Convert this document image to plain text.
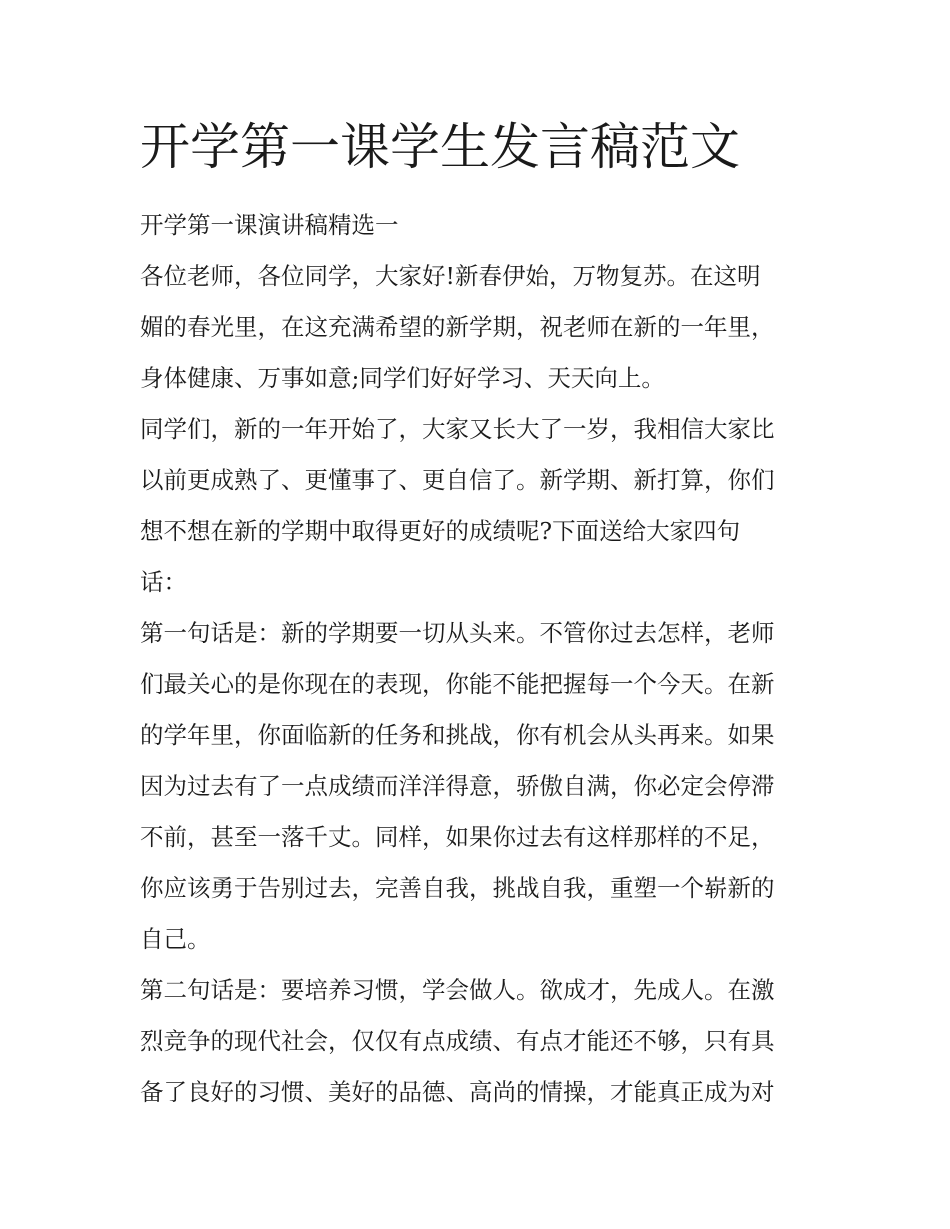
开学第一课学生发言稿范文

开学第一课演讲稿精选一

各位老师，各位同学，大家好!新春伊始，万物复苏。在这明
媚的春光里，在这充满希望的新学期，祝老师在新的一年里，
身体健康、万事如意;同学们好好学习、天天向上。

同学们，新的一年开始了，大家又长大了一岁，我相信大家比
以前更成熟了、更懂事了、更自信了。新学期、新打算，你们
想不想在新的学期中取得更好的成绩呢?下面送给大家四句
话：

第一句话是：新的学期要一切从头来。不管你过去怎样，老师
们最关心的是你现在的表现，你能不能把握每一个今天。在新
的学年里，你面临新的任务和挑战，你有机会从头再来。如果
因为过去有了一点成绩而洋洋得意，骄傲自满，你必定会停滞
不前，甚至一落千丈。同样，如果你过去有这样那样的不足，
你应该勇于告别过去，完善自我，挑战自我，重塑一个崭新的
自己。

第二句话是：要培养习惯，学会做人。欲成才，先成人。在激
烈竞争的现代社会，仅仅有点成绩、有点才能还不够，只有具
备了良好的习惯、美好的品德、高尚的情操，才能真正成为对
